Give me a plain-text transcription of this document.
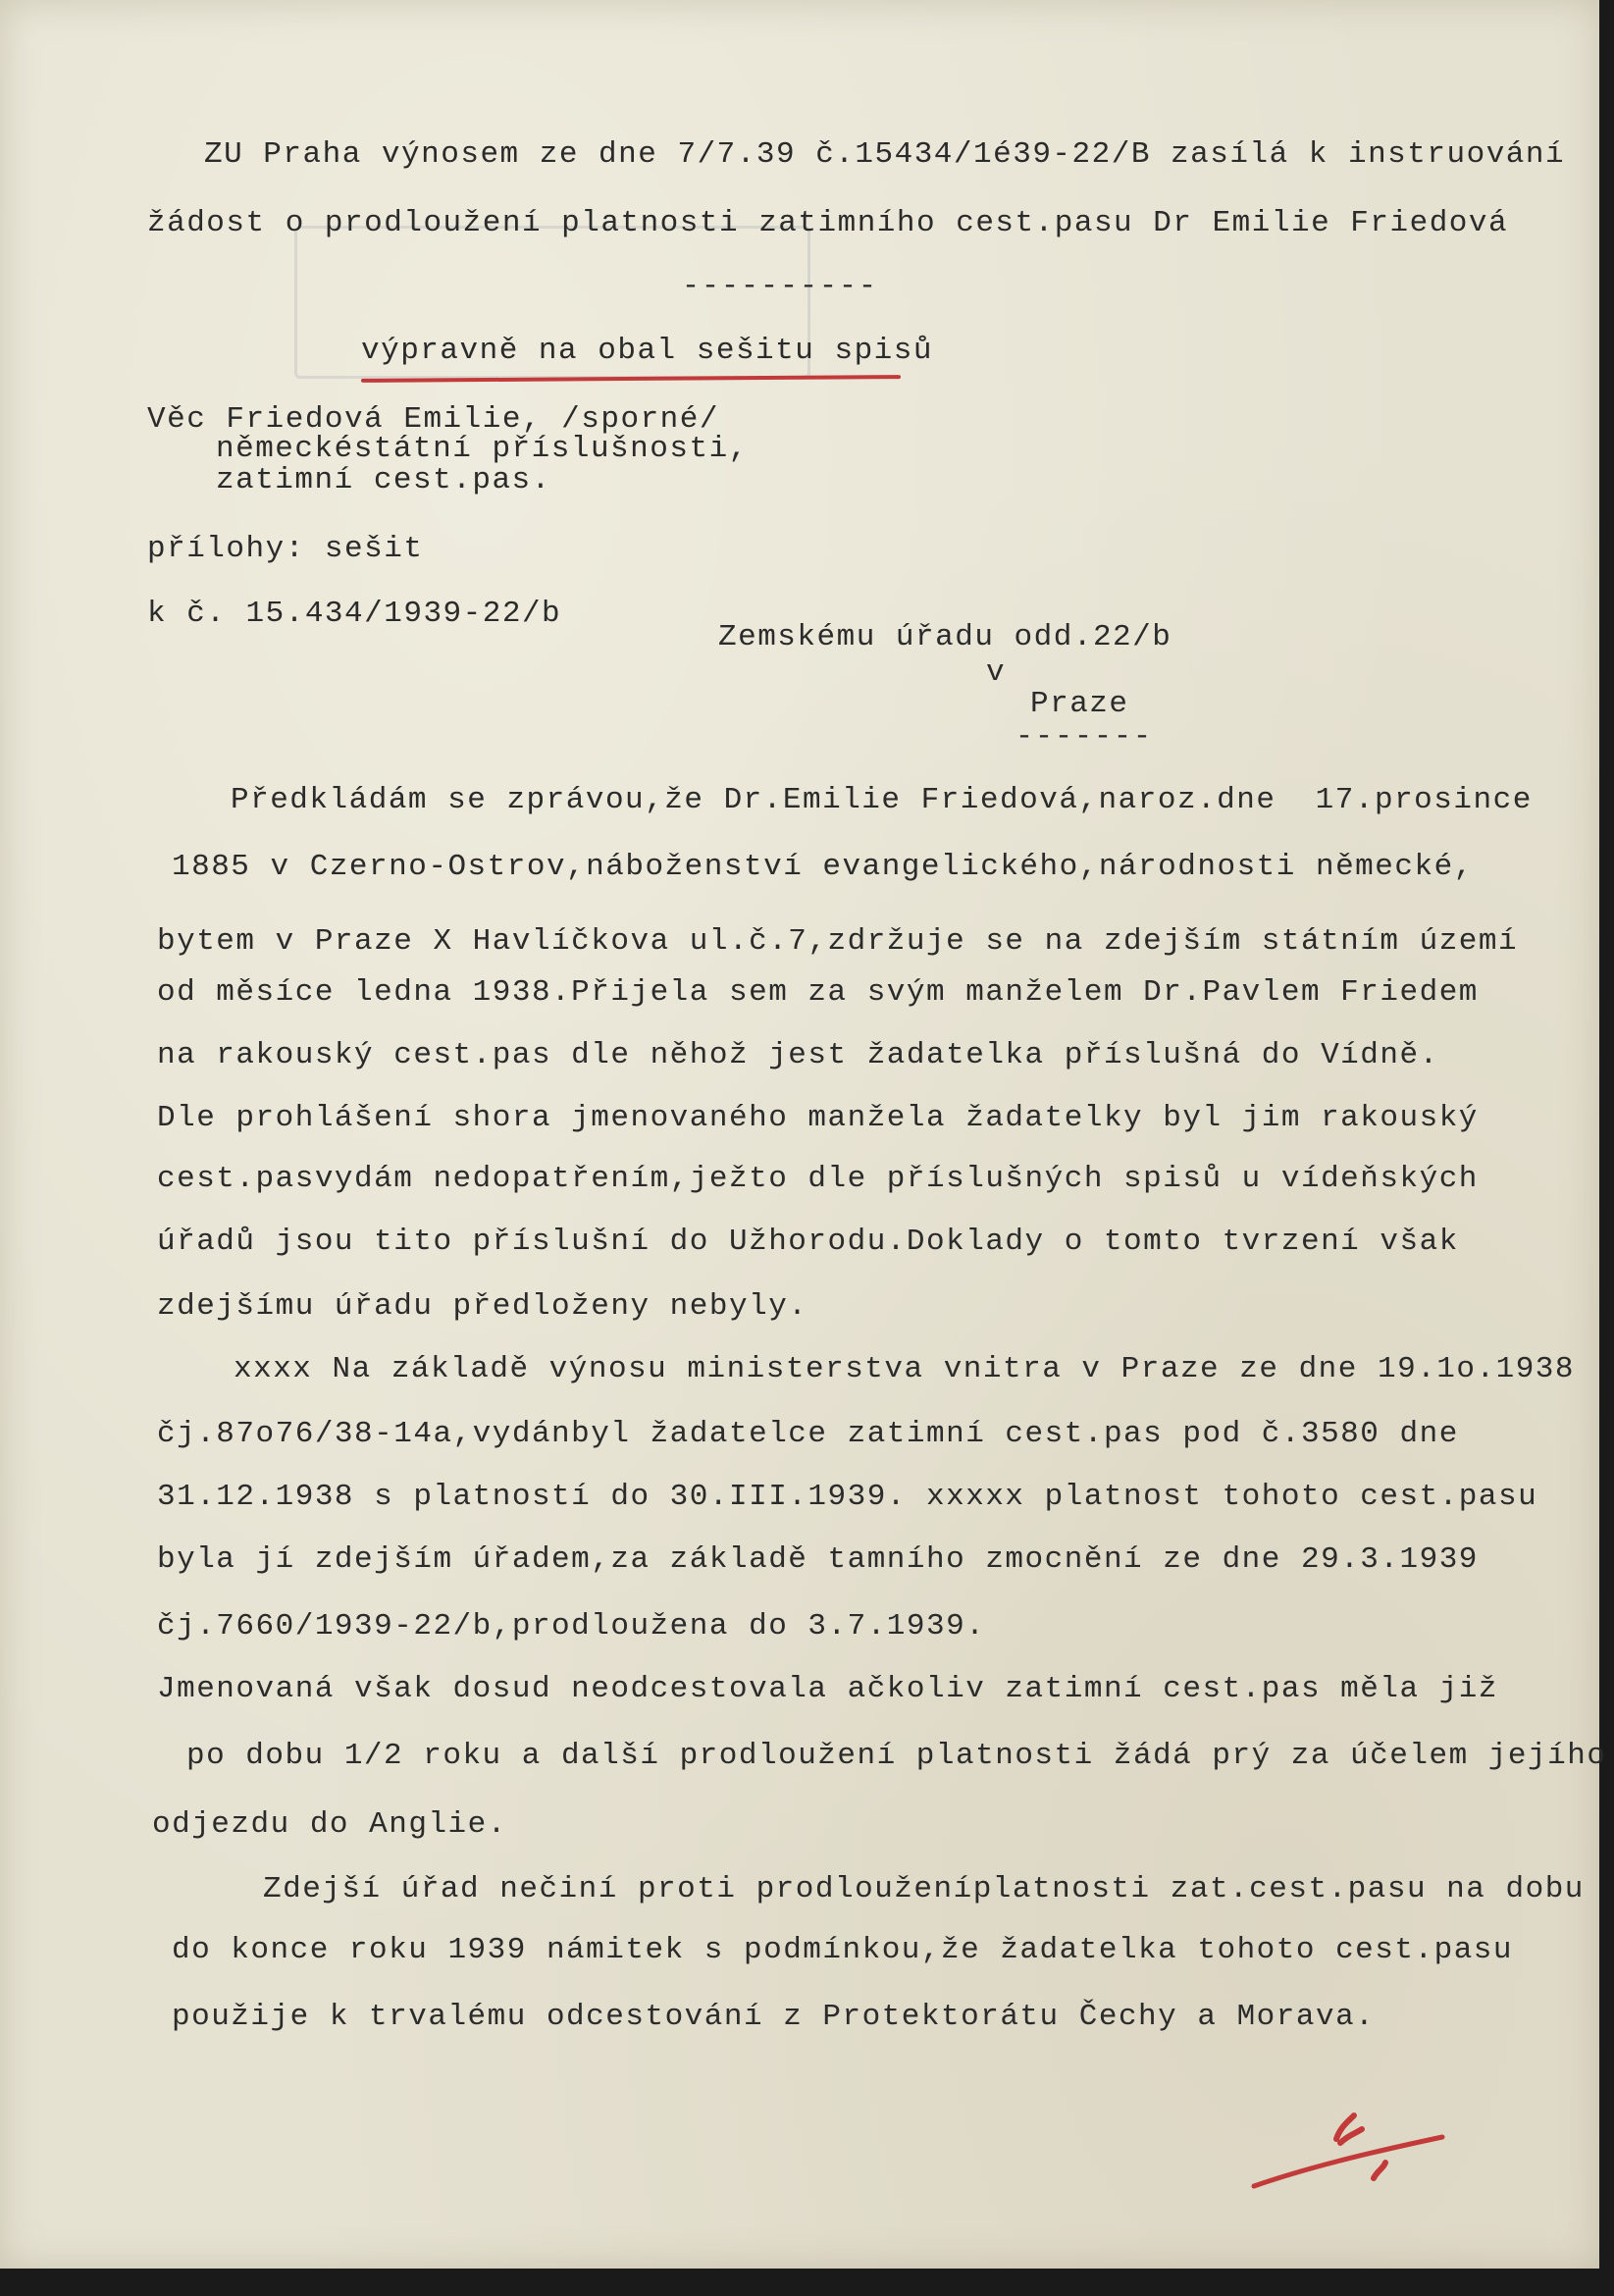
ZU Praha výnosem ze dne 7/7.39 č.15434/1é39-22/B zasílá k instruování
žádost o prodloužení platnosti zatimního cest.pasu Dr Emilie Friedová
----------
výpravně na obal sešitu spisů
Věc Friedová Emilie, /sporné/
německéstátní příslušnosti,
zatimní cest.pas.
přílohy: sešit
k č. 15.434/1939-22/b
Zemskému úřadu odd.22/b
v
Praze
-------
Předkládám se zprávou,že Dr.Emilie Friedová,naroz.dne  17.prosince
1885 v Czerno-Ostrov,náboženství evangelického,národnosti německé,
bytem v Praze X Havlíčkova ul.č.7,zdržuje se na zdejším státním území
od měsíce ledna 1938.Přijela sem za svým manželem Dr.Pavlem Friedem
na rakouský cest.pas dle něhož jest žadatelka příslušná do Vídně.
Dle prohlášení shora jmenovaného manžela žadatelky byl jim rakouský
cest.pasvydám nedopatřením,ježto dle příslušných spisů u vídeňských
úřadů jsou tito příslušní do Užhorodu.Doklady o tomto tvrzení však
zdejšímu úřadu předloženy nebyly.
xxxx Na základě výnosu ministerstva vnitra v Praze ze dne 19.1o.1938
čj.87o76/38-14a,vydánbyl žadatelce zatimní cest.pas pod č.3580 dne
31.12.1938 s platností do 30.III.1939. xxxxx platnost tohoto cest.pasu
byla jí zdejším úřadem,za základě tamního zmocnění ze dne 29.3.1939
čj.7660/1939-22/b,prodlouženа do 3.7.1939.
Jmenovaná však dosud neodcestovala ačkoliv zatimní cest.pas měla již
po dobu 1/2 roku a další prodloužení platnosti žádá prý za účelem jejího
odjezdu do Anglie.
Zdejší úřad nečiní proti prodlouženíplatnosti zat.cest.pasu na dobu
do konce roku 1939 námitek s podmínkou,že žadatelka tohoto cest.pasu
použije k trvalému odcestování z Protektorátu Čechy a Morava.
